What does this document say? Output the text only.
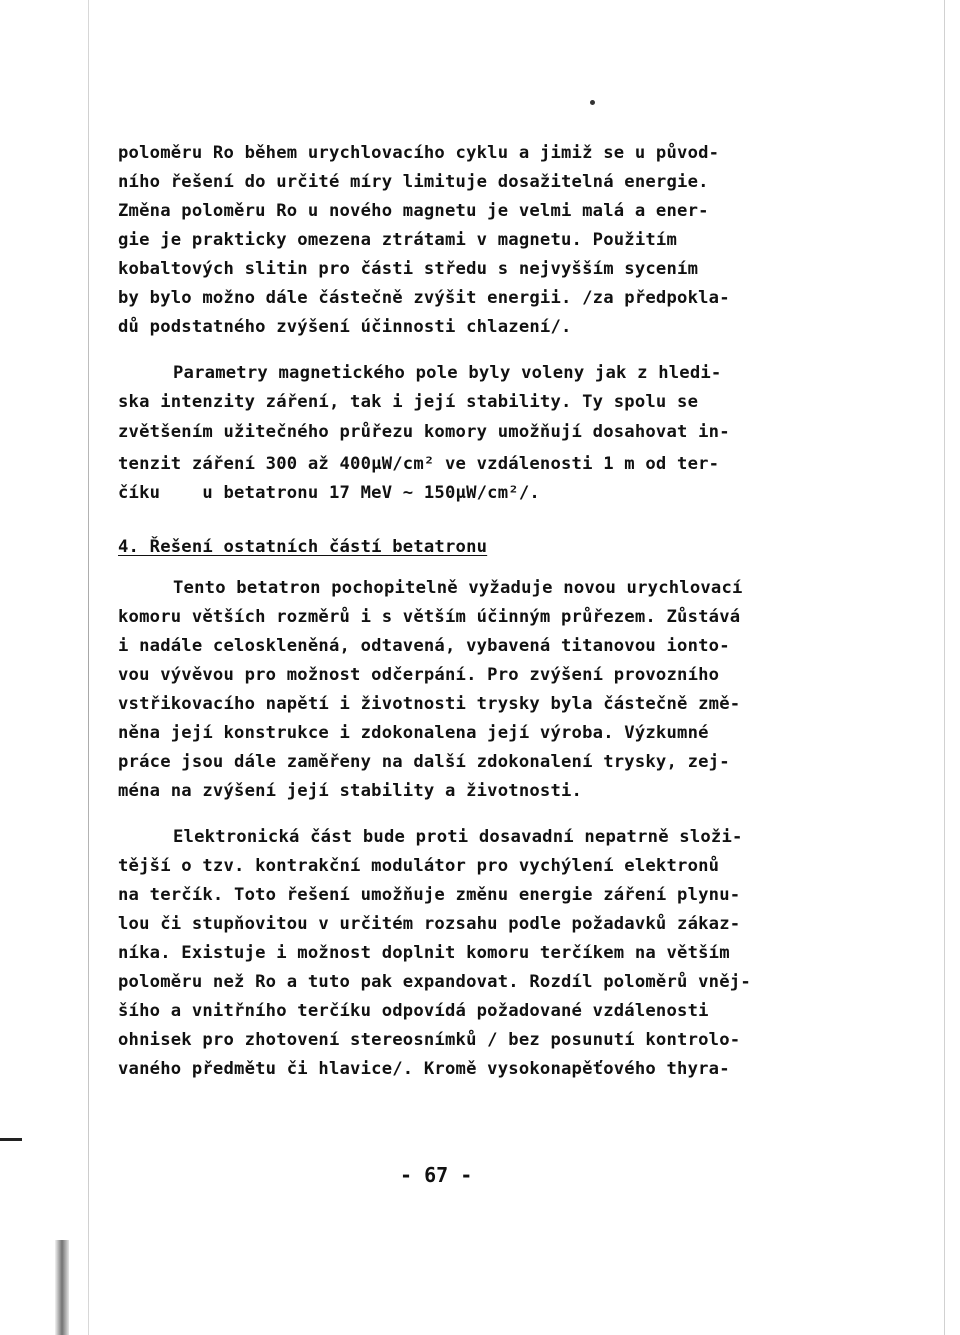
poloměru Ro během urychlovacího cyklu a jimiž se u původ-
ního řešení do určité míry limituje dosažitelná energie.
Změna poloměru Ro u nového magnetu je velmi malá a ener-
gie je prakticky omezena ztrátami v magnetu. Použitím
kobaltových slitin pro části středu s nejvyšším sycením
by bylo možno dále částečně zvýšit energii. /za předpokla-
dů podstatného zvýšení účinnosti chlazení/.
Parametry magnetického pole byly voleny jak z hledi-
ska intenzity záření, tak i její stability. Ty spolu se
zvětšením užitečného průřezu komory umožňují dosahovat in-
tenzit záření 300 až 400µW/cm² ve vzdálenosti 1 m od ter-
číku    u betatronu 17 MeV ~ 150µW/cm²/.
4. Řešení ostatních částí betatronu
Tento betatron pochopitelně vyžaduje novou urychlovací
komoru větších rozměrů i s větším účinným průřezem. Zůstává
i nadále celoskleněná, odtavená, vybavená titanovou ionto-
vou vývěvou pro možnost odčerpání. Pro zvýšení provozního
vstřikovacího napětí i životnosti trysky byla částečně změ-
něna její konstrukce i zdokonalena její výroba. Výzkumné
práce jsou dále zaměřeny na další zdokonalení trysky, zej-
ména na zvýšení její stability a životnosti.
Elektronická část bude proti dosavadní nepatrně složi-
tější o tzv. kontrakční modulátor pro vychýlení elektronů
na terčík. Toto řešení umožňuje změnu energie záření plynu-
lou či stupňovitou v určitém rozsahu podle požadavků zákaz-
níka. Existuje i možnost doplnit komoru terčíkem na větším
poloměru než Ro a tuto pak expandovat. Rozdíl poloměrů vněj-
šího a vnitřního terčíku odpovídá požadované vzdálenosti
ohnisek pro zhotovení stereosnímků / bez posunutí kontrolo-
vaného předmětu či hlavice/. Kromě vysokonapěťového thyra-
- 67 -
